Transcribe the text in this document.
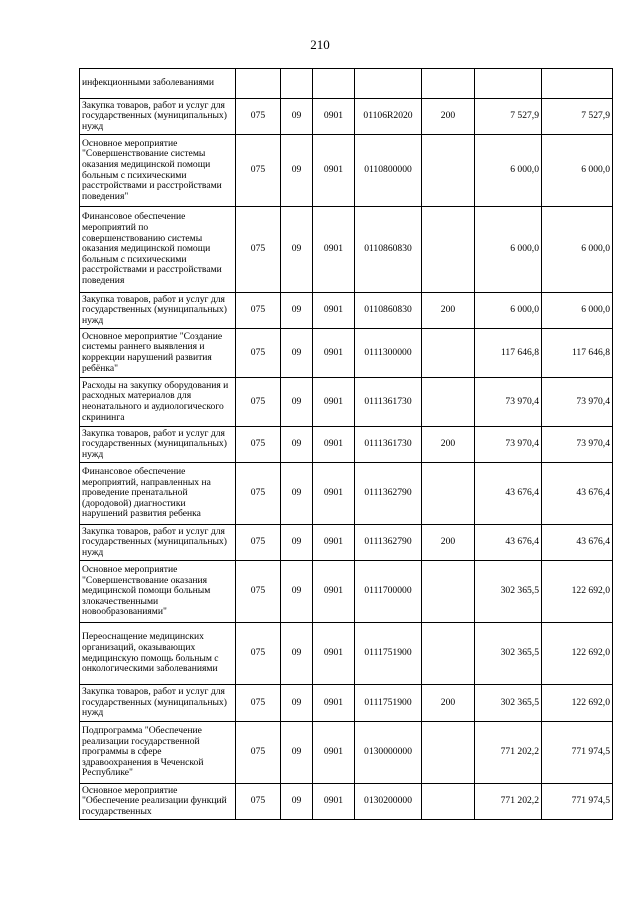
210
инфекционными заболеваниями							
Закупка товаров, работ и услуг для государственных (муниципальных) нужд	075	09	0901	01106R2020	200	7 527,9	7 527,9
Основное мероприятие "Совершенствование системы оказания медицинской помощи больным с психическими расстройствами и расстройствами поведения"	075	09	0901	0110800000		6 000,0	6 000,0
Финансовое обеспечение мероприятий по совершенствованию системы оказания медицинской помощи больным с психическими расстройствами и расстройствами поведения	075	09	0901	0110860830		6 000,0	6 000,0
Закупка товаров, работ и услуг для государственных (муниципальных) нужд	075	09	0901	0110860830	200	6 000,0	6 000,0
Основное мероприятие "Создание системы раннего выявления и коррекции нарушений развития ребёнка"	075	09	0901	0111300000		117 646,8	117 646,8
Расходы на закупку оборудования и расходных материалов для неонатального и аудиологического скрининга	075	09	0901	0111361730		73 970,4	73 970,4
Закупка товаров, работ и услуг для государственных (муниципальных) нужд	075	09	0901	0111361730	200	73 970,4	73 970,4
Финансовое обеспечение мероприятий, направленных на проведение пренатальной (дородовой) диагностики нарушений развития ребенка	075	09	0901	0111362790		43 676,4	43 676,4
Закупка товаров, работ и услуг для государственных (муниципальных) нужд	075	09	0901	0111362790	200	43 676,4	43 676,4
Основное мероприятие "Совершенствование оказания медицинской помощи больным злокачественными новообразованиями"	075	09	0901	0111700000		302 365,5	122 692,0
Переоснащение медицинских организаций, оказывающих медицинскую помощь больным с онкологическими заболеваниями	075	09	0901	0111751900		302 365,5	122 692,0
Закупка товаров, работ и услуг для государственных (муниципальных) нужд	075	09	0901	0111751900	200	302 365,5	122 692,0
Подпрограмма "Обеспечение реализации государственной программы в сфере здравоохранения в Чеченской Республике"	075	09	0901	0130000000		771 202,2	771 974,5
Основное мероприятие "Обеспечение реализации функций государственных	075	09	0901	0130200000		771 202,2	771 974,5
